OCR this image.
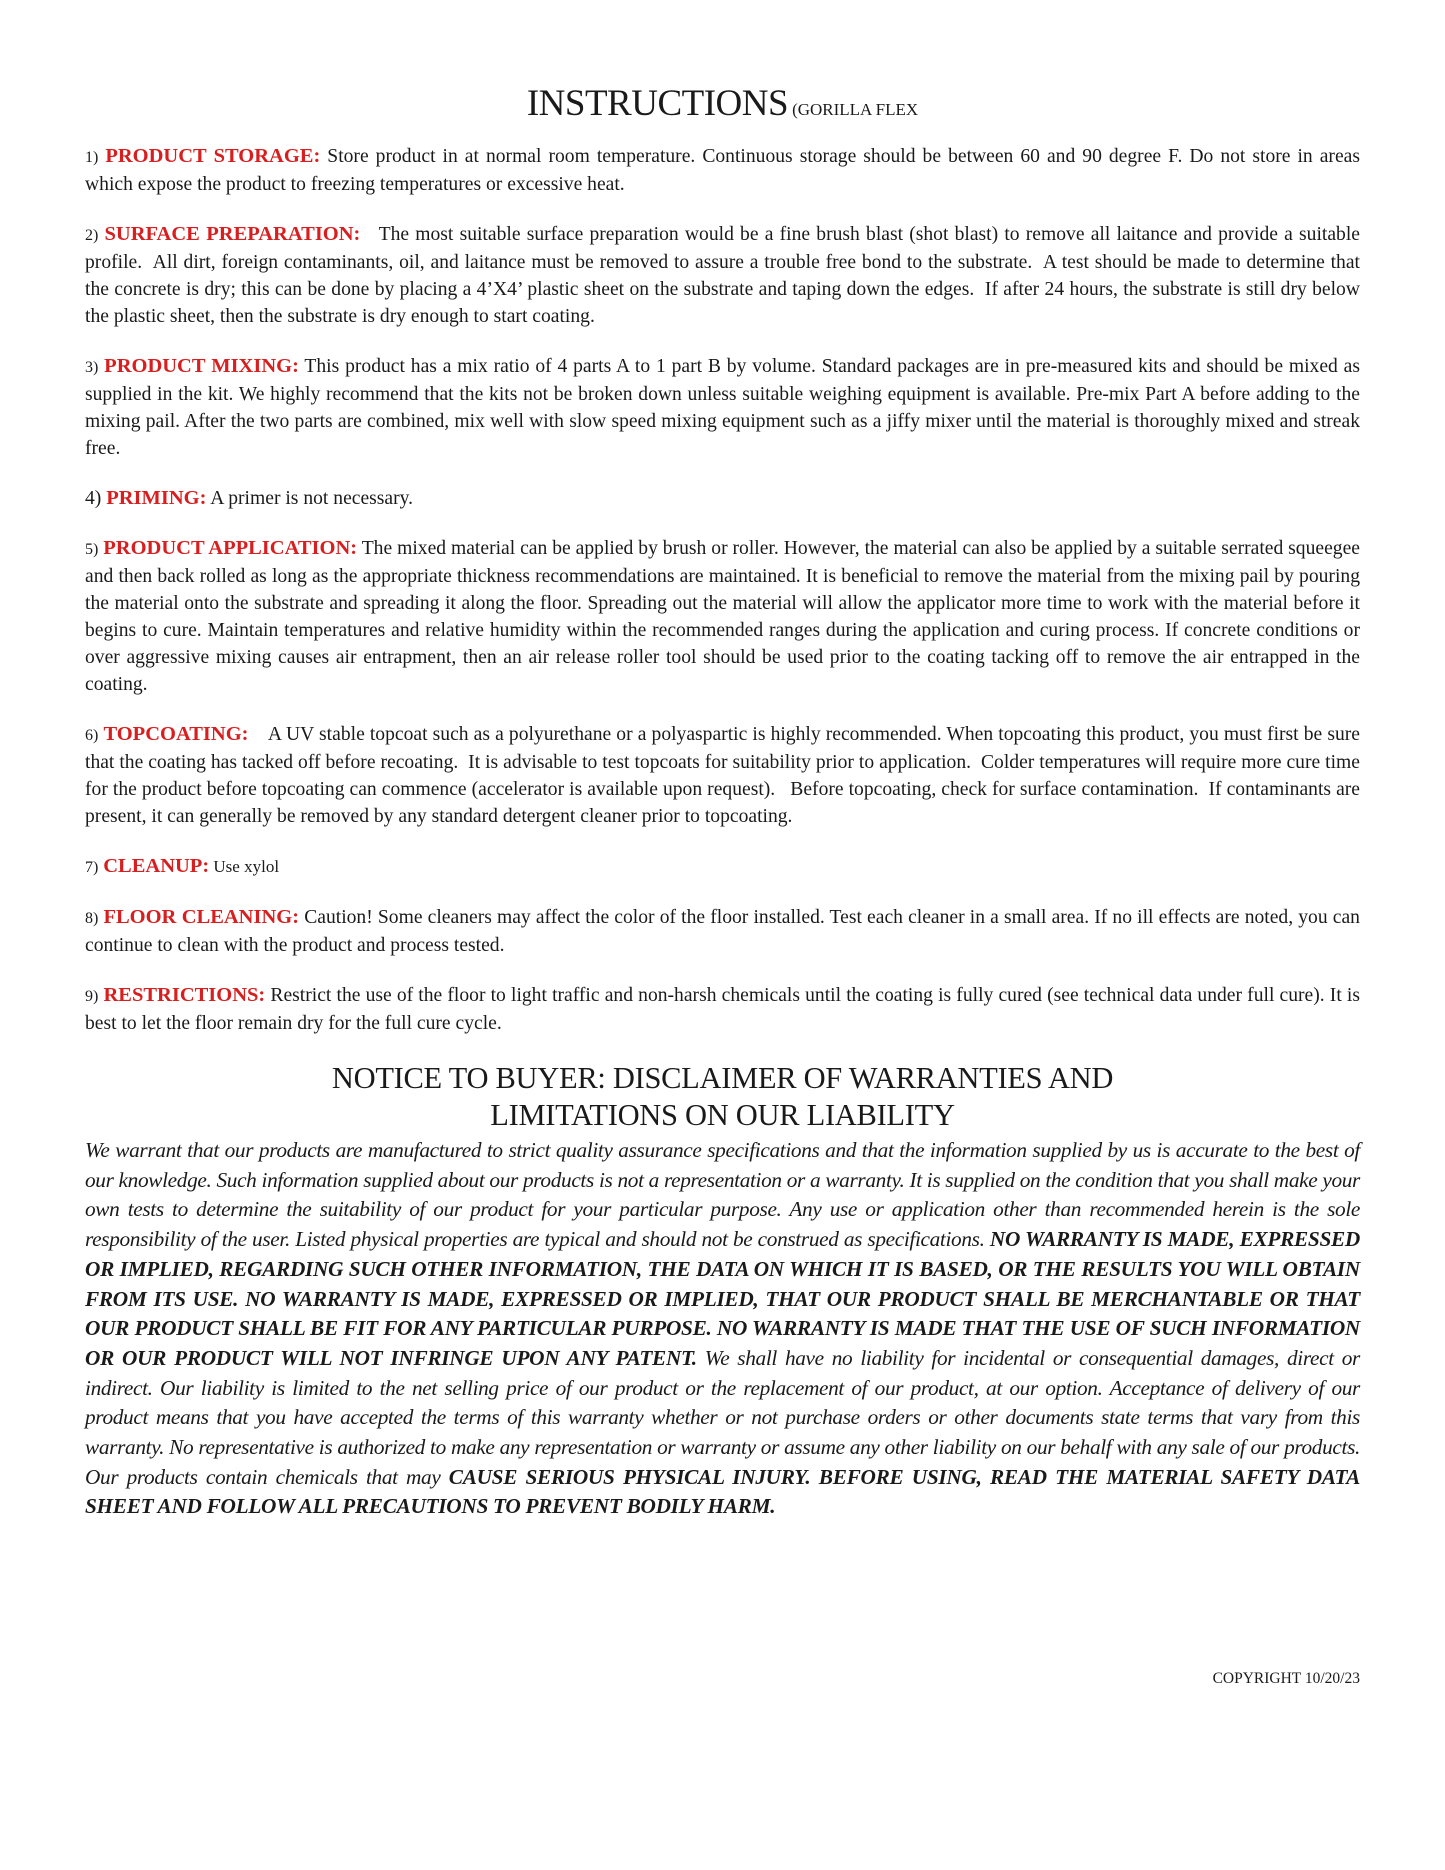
INSTRUCTIONS (GORILLA FLEX

1) PRODUCT STORAGE: Store product in at normal room temperature. Continuous storage should be between 60 and 90 degree F. Do not store in areas which expose the product to freezing temperatures or excessive heat.

2) SURFACE PREPARATION:   The most suitable surface preparation would be a fine brush blast (shot blast) to remove all laitance and provide a suitable profile.  All dirt, foreign contaminants, oil, and laitance must be removed to assure a trouble free bond to the substrate.  A test should be made to determine that the concrete is dry; this can be done by placing a 4’X4’ plastic sheet on the substrate and taping down the edges.  If after 24 hours, the substrate is still dry below the plastic sheet, then the substrate is dry enough to start coating.

3) PRODUCT MIXING: This product has a mix ratio of 4 parts A to 1 part B by volume. Standard packages are in pre-measured kits and should be mixed as supplied in the kit. We highly recommend that the kits not be broken down unless suitable weighing equipment is available. Pre-mix Part A before adding to the mixing pail. After the two parts are combined, mix well with slow speed mixing equipment such as a jiffy mixer until the material is thoroughly mixed and streak free.

4) PRIMING: A primer is not necessary.

5) PRODUCT APPLICATION: The mixed material can be applied by brush or roller. However, the material can also be applied by a suitable serrated squeegee and then back rolled as long as the appropriate thickness recommendations are maintained. It is beneficial to remove the material from the mixing pail by pouring the material onto the substrate and spreading it along the floor. Spreading out the material will allow the applicator more time to work with the material before it begins to cure. Maintain temperatures and relative humidity within the recommended ranges during the application and curing process. If concrete conditions or over aggressive mixing causes air entrapment, then an air release roller tool should be used prior to the coating tacking off to remove the air entrapped in the coating.

6) TOPCOATING:    A UV stable topcoat such as a polyurethane or a polyaspartic is highly recommended. When topcoating this product, you must first be sure that the coating has tacked off before recoating.  It is advisable to test topcoats for suitability prior to application.  Colder temperatures will require more cure time for the product before topcoating can commence (accelerator is available upon request).   Before topcoating, check for surface contamination.  If contaminants are present, it can generally be removed by any standard detergent cleaner prior to topcoating.

7) CLEANUP: Use xylol

8) FLOOR CLEANING: Caution! Some cleaners may affect the color of the floor installed. Test each cleaner in a small area. If no ill effects are noted, you can continue to clean with the product and process tested.

9) RESTRICTIONS: Restrict the use of the floor to light traffic and non-harsh chemicals until the coating is fully cured (see technical data under full cure). It is best to let the floor remain dry for the full cure cycle.

NOTICE TO BUYER: DISCLAIMER OF WARRANTIES AND
LIMITATIONS ON OUR LIABILITY

We warrant that our products are manufactured to strict quality assurance specifications and that the information supplied by us is accurate to the best of our knowledge. Such information supplied about our products is not a representation or a warranty. It is supplied on the condition that you shall make your own tests to determine the suitability of our product for your particular purpose. Any use or application other than recommended herein is the sole responsibility of the user. Listed physical properties are typical and should not be construed as specifications. NO WARRANTY IS MADE, EXPRESSED OR IMPLIED, REGARDING SUCH OTHER INFORMATION, THE DATA ON WHICH IT IS BASED, OR THE RESULTS YOU WILL OBTAIN FROM ITS USE. NO WARRANTY IS MADE, EXPRESSED OR IMPLIED, THAT OUR PRODUCT SHALL BE MERCHANTABLE OR THAT OUR PRODUCT SHALL BE FIT FOR ANY PARTICULAR PURPOSE. NO WARRANTY IS MADE THAT THE USE OF SUCH INFORMATION OR OUR PRODUCT WILL NOT INFRINGE UPON ANY PATENT. We shall have no liability for incidental or consequential damages, direct or indirect. Our liability is limited to the net selling price of our product or the replacement of our product, at our option. Acceptance of delivery of our product means that you have accepted the terms of this warranty whether or not purchase orders or other documents state terms that vary from this warranty. No representative is authorized to make any representation or warranty or assume any other liability on our behalf with any sale of our products. Our products contain chemicals that may CAUSE SERIOUS PHYSICAL INJURY. BEFORE USING, READ THE MATERIAL SAFETY DATA SHEET AND FOLLOW ALL PRECAUTIONS TO PREVENT BODILY HARM.

COPYRIGHT 10/20/23
